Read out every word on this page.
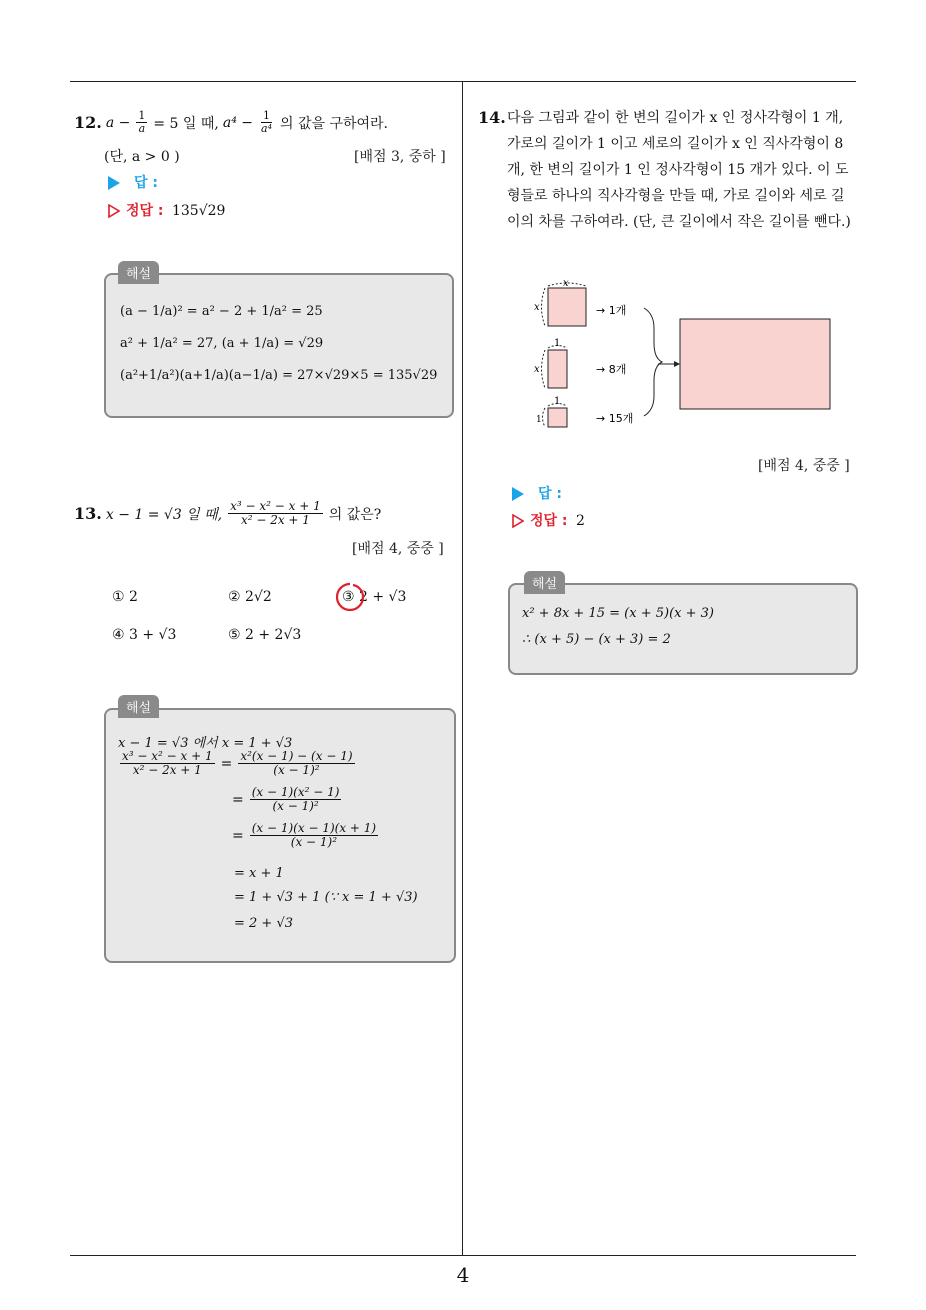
4
12. $a - \frac{1}{a} = 5$ 일 때, $a^4 - \frac{1}{\text{a⁴}}$ 의 값을 구하여라.
(단, a > 0 )	[배점 3, 중하 ]
답 :
정답 : 135√29
해설
(a − 1/a)² = a² − 2 + 1/a² = 25
a² + 1/a² = 27, (a + 1/a) = √29
(a²+1/a²)(a+1/a)(a−1/a) = 27×√29×5 = 135√29
13. x − 1 = √3 일 때, $\frac{\text{x³ − x² − x + 1}}{\text{x² − 2x + 1}}$ 의 값은?
[배점 4, 중중 ]
① 2	② 2√2	③ 2 + √3
④ 3 + √3	⑤ 2 + 2√3
해설
x − 1 = √3 에서 x = 1 + √3
$\frac{\text{x³ − x² − x + 1}}{\text{x² − 2x + 1}} = \frac{\text{x²(x − 1) − (x − 1)}}{\text{(x − 1)²}}$
= $\frac{\text{(x − 1)(x² − 1)}}{\text{(x − 1)²}}$
= $\frac{(x - 1)(x - 1)(x + 1)}{\text{(x − 1)²}}$
= x + 1
= 1 + √3 + 1 (∵ x = 1 + √3)
= 2 + √3
14. 다음 그림과 같이 한 변의 길이가 x 인 정사각형이 1 개, 가로의 길이가 1 이고 세로의 길이가 x 인 직사각형이 8 개, 한 변의 길이가 1 인 정사각형이 15 개가 있다. 이 도형들로 하나의 직사각형을 만들 때, 가로 길이와 세로 길이의 차를 구하여라. (단, 큰 길이에서 작은 길이를 뺀다.)
x
x	→ 1개
1
x	→ 8개
1
1	→ 15개
[배점 4, 중중 ]
답 :
정답 : 2
해설
x² + 8x + 15 = (x + 5)(x + 3)
∴ (x + 5) − (x + 3) = 2
